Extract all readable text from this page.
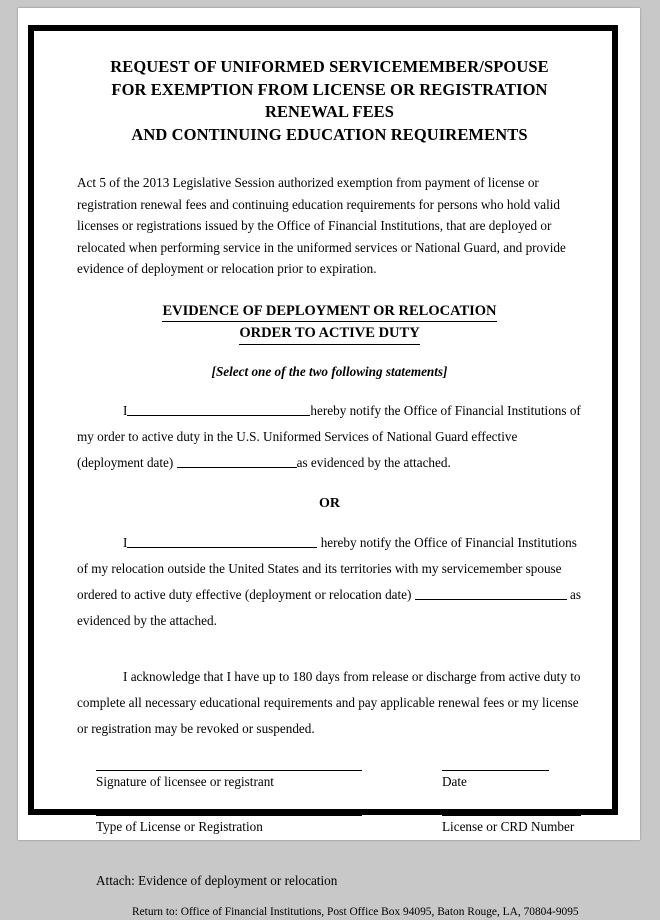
REQUEST OF UNIFORMED SERVICEMEMBER/SPOUSE
FOR EXEMPTION FROM LICENSE OR REGISTRATION
RENEWAL FEES
AND CONTINUING EDUCATION REQUIREMENTS

Act 5 of the 2013 Legislative Session authorized exemption from payment of license or registration renewal fees and continuing education requirements for persons who hold valid licenses or registrations issued by the Office of Financial Institutions, that are deployed or relocated when performing service in the uniformed services or National Guard, and provide evidence of deployment or relocation prior to expiration.

EVIDENCE OF DEPLOYMENT OR RELOCATION
ORDER TO ACTIVE DUTY

[Select one of the two following statements]

I	hereby notify the Office of Financial Institutions of my order to active duty in the U.S. Uniformed Services of National Guard effective (deployment date)	as evidenced by the attached.

OR

I	hereby notify the Office of Financial Institutions of my relocation outside the United States and its territories with my servicemember spouse ordered to active duty effective (deployment or relocation date)	as evidenced by the attached.

I acknowledge that I have up to 180 days from release or discharge from active duty to complete all necessary educational requirements and pay applicable renewal fees or my license or registration may be revoked or suspended.

Signature of licensee or registrant	Date
Type of License or Registration	License or CRD Number

Attach: Evidence of deployment or relocation

Return to: Office of Financial Institutions, Post Office Box 94095, Baton Rouge, LA, 70804-9095
